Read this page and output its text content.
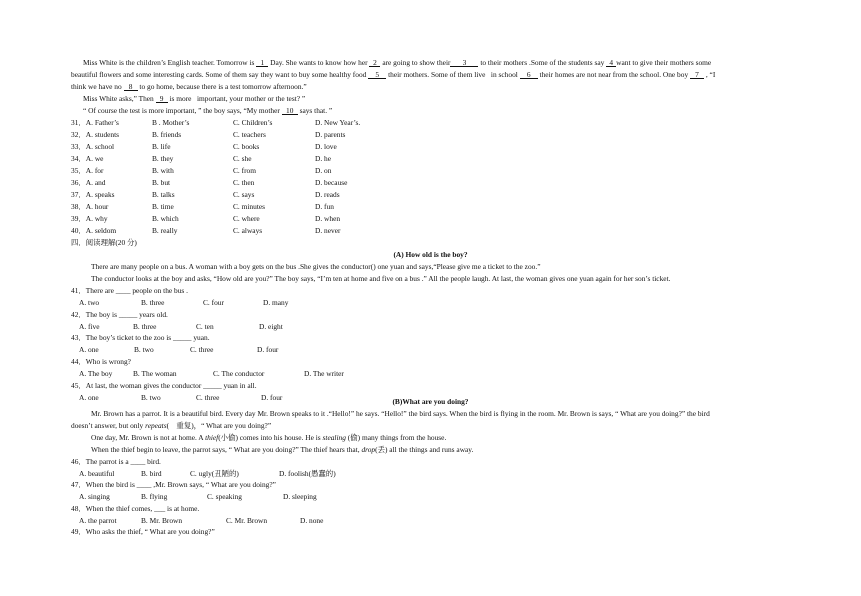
Miss White is the children’s English teacher. Tomorrow is 1 Day. She wants to know how her 2 are going to show their 3 to their mothers .Some of the students say 4 want to give their mothers some
beautiful flowers and some interesting cards. Some of them say they want to buy some healthy food 5 their mothers. Some of them live in school 6 their homes are not near from the school. One boy 7 , “I
think we have no 8 to go home, because there is a test tomorrow afternoon.”
Miss White asks,” Then 9 is more important, your mother or the test? ”
“ Of course the test is more important, ” the boy says, “My mother 10 says that. ”
31．A. Father’s	B . Mother’s	C. Children’s	D. New Year’s.
32．A. students	B. friends	C. teachers	D. parents
33．A. school	B. life	C. books	D. love
34．A. we	B. they	C. she	D. he
35．A. for	B. with	C. from	D. on
36．A. and	B. but	C. then	D. because
37．A. speaks	B. talks	C. says	D. reads
38．A. hour	B. time	C. minutes	D. fun
39．A. why	B. which	C. where	D. when
40．A. seldom	B. really	C. always	D. never
四．阅读理解(20 分)
(A) How old is the boy?
There are many people on a bus. A woman with a boy gets on the bus .She gives the conductor() one yuan and says,“Please give me a ticket to the zoo.”
The conductor looks at the boy and asks, “How old are you?” The boy says, “I’m ten at home and five on a bus .” All the people laugh. At last, the woman gives one yuan again for her son’s ticket.
41．There are ____ people on the bus .
A. two	B. three	C. four	D. many
42．The boy is _____ years old.
A. five	B. three	C. ten	D. eight
43．The boy’s ticket to the zoo is _____ yuan.
A. one	B. two	C. three	D. four
44．Who is wrong?
A. The boy	B. The woman	C. The conductor	D. The writer
45．At last, the woman gives the conductor _____ yuan in all.
A. one	B. two	C. three	D. four	(B)What are you doing?
Mr. Brown has a parrot. It is a beautiful bird. Every day Mr. Brown speaks to it .“Hello!” he says. “Hello!” the bird says. When the bird is flying in the room. Mr. Brown is says, “ What are you doing?” the bird
doesn’t answer, but only repeats(　重复)，“ What are you doing?”
One day, Mr. Brown is not at home. A thief(小偷) comes into his house. He is stealing (偷) many things from the house.
When the thief begin to leave, the parrot says, “ What are you doing?” The thief hears that, drop(丢) all the things and runs away.
46．The parrot is a ____ bird.
A. beautiful	B. bird	C. ugly(丑陋的)	D. foolish(愚蠢的)
47．When the bird is ____ ,Mr. Brown says, “ What are you doing?”
A. singing	B. flying	C. speaking	D. sleeping
48．When the thief comes, ___ is at home.
A. the parrot	B. Mr. Brown	C. Mr. Brown	D. none
49．Who asks the thief, “ What are you doing?”
